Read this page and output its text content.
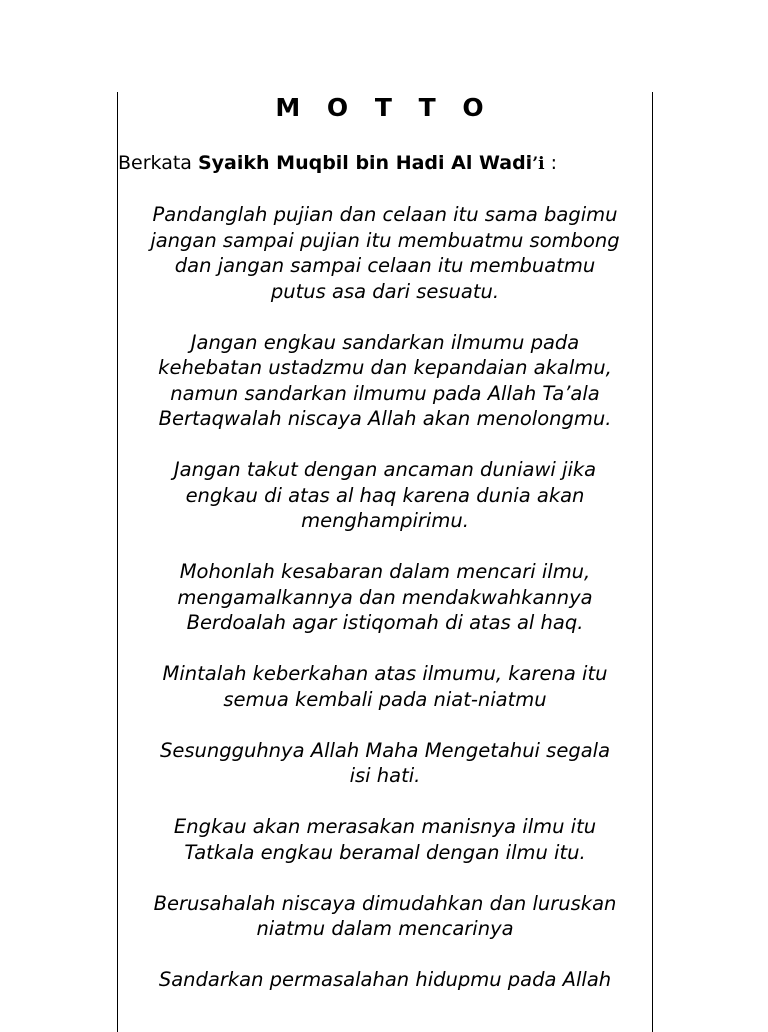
M O T T O

Berkata Syaikh Muqbil bin Hadi Al Wadi’i :

Pandanglah pujian dan celaan itu sama bagimu
jangan sampai pujian itu membuatmu sombong
dan jangan sampai celaan itu membuatmu
putus asa dari sesuatu.
Jangan engkau sandarkan ilmumu pada
kehebatan ustadzmu dan kepandaian akalmu,
namun sandarkan ilmumu pada Allah Ta’ala
Bertaqwalah niscaya Allah akan menolongmu.
Jangan takut dengan ancaman duniawi jika
engkau di atas al haq karena dunia akan
menghampirimu.
Mohonlah kesabaran dalam mencari ilmu,
mengamalkannya dan mendakwahkannya
Berdoalah agar istiqomah di atas al haq.
Mintalah keberkahan atas ilmumu, karena itu
semua kembali pada niat-niatmu
Sesungguhnya Allah Maha Mengetahui segala
isi hati.
Engkau akan merasakan manisnya ilmu itu
Tatkala engkau beramal dengan ilmu itu.
Berusahalah niscaya dimudahkan dan luruskan
niatmu dalam mencarinya
Sandarkan permasalahan hidupmu pada Allah
